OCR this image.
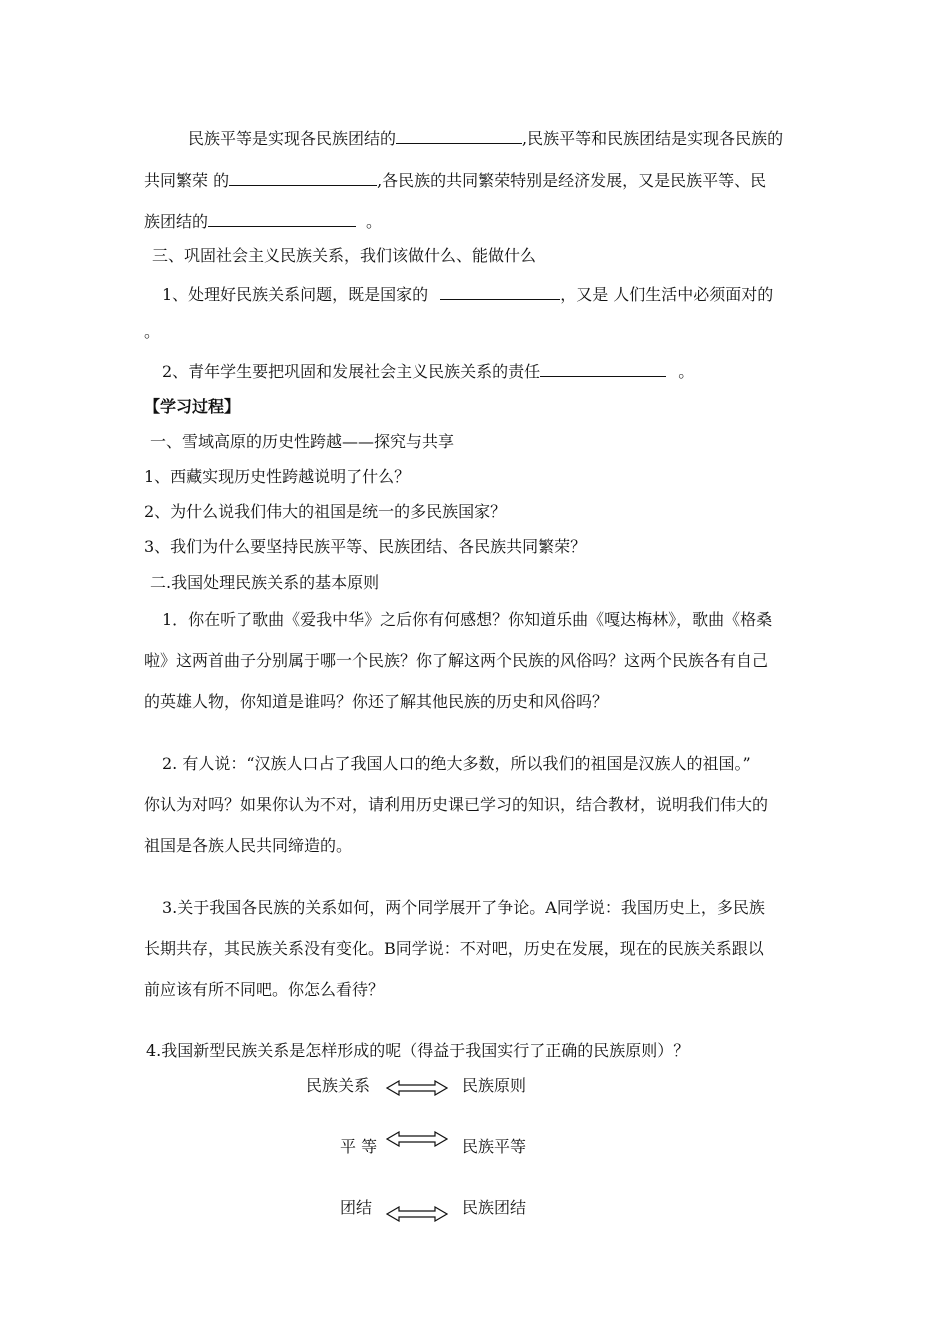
民族平等是实现各民族团结的	,民族平等和民族团结是实现各民族的
共同繁荣 的	,各民族的共同繁荣特别是经济发展，又是民族平等、民
族团结的	。
三、巩固社会主义民族关系，我们该做什么、能做什么
1、处理好民族关系问题，既是国家的	，又是 人们生活中必须面对的
。
2、青年学生要把巩固和发展社会主义民族关系的责任	。
【学习过程】
一、雪域高原的历史性跨越——探究与共享
1、西藏实现历史性跨越说明了什么？
2、为什么说我们伟大的祖国是统一的多民族国家？
3、我们为什么要坚持民族平等、民族团结、各民族共同繁荣？
二.我国处理民族关系的基本原则
1．你在听了歌曲《爱我中华》之后你有何感想？你知道乐曲《嘎达梅林》，歌曲《格桑
啦》这两首曲子分别属于哪一个民族？你了解这两个民族的风俗吗？这两个民族各有自己
的英雄人物，你知道是谁吗？你还了解其他民族的历史和风俗吗？
2. 有人说：“汉族人口占了我国人口的绝大多数，所以我们的祖国是汉族人的祖国。”
你认为对吗？如果你认为不对，请利用历史课已学习的知识，结合教材，说明我们伟大的
祖国是各族人民共同缔造的。
3.关于我国各民族的关系如何，两个同学展开了争论。A同学说：我国历史上，多民族
长期共存，其民族关系没有变化。B同学说：不对吧，历史在发展，现在的民族关系跟以
前应该有所不同吧。你怎么看待？
4.我国新型民族关系是怎样形成的呢（得益于我国实行了正确的民族原则）？
民族关系	民族原则
平 等	民族平等
团结	民族团结
